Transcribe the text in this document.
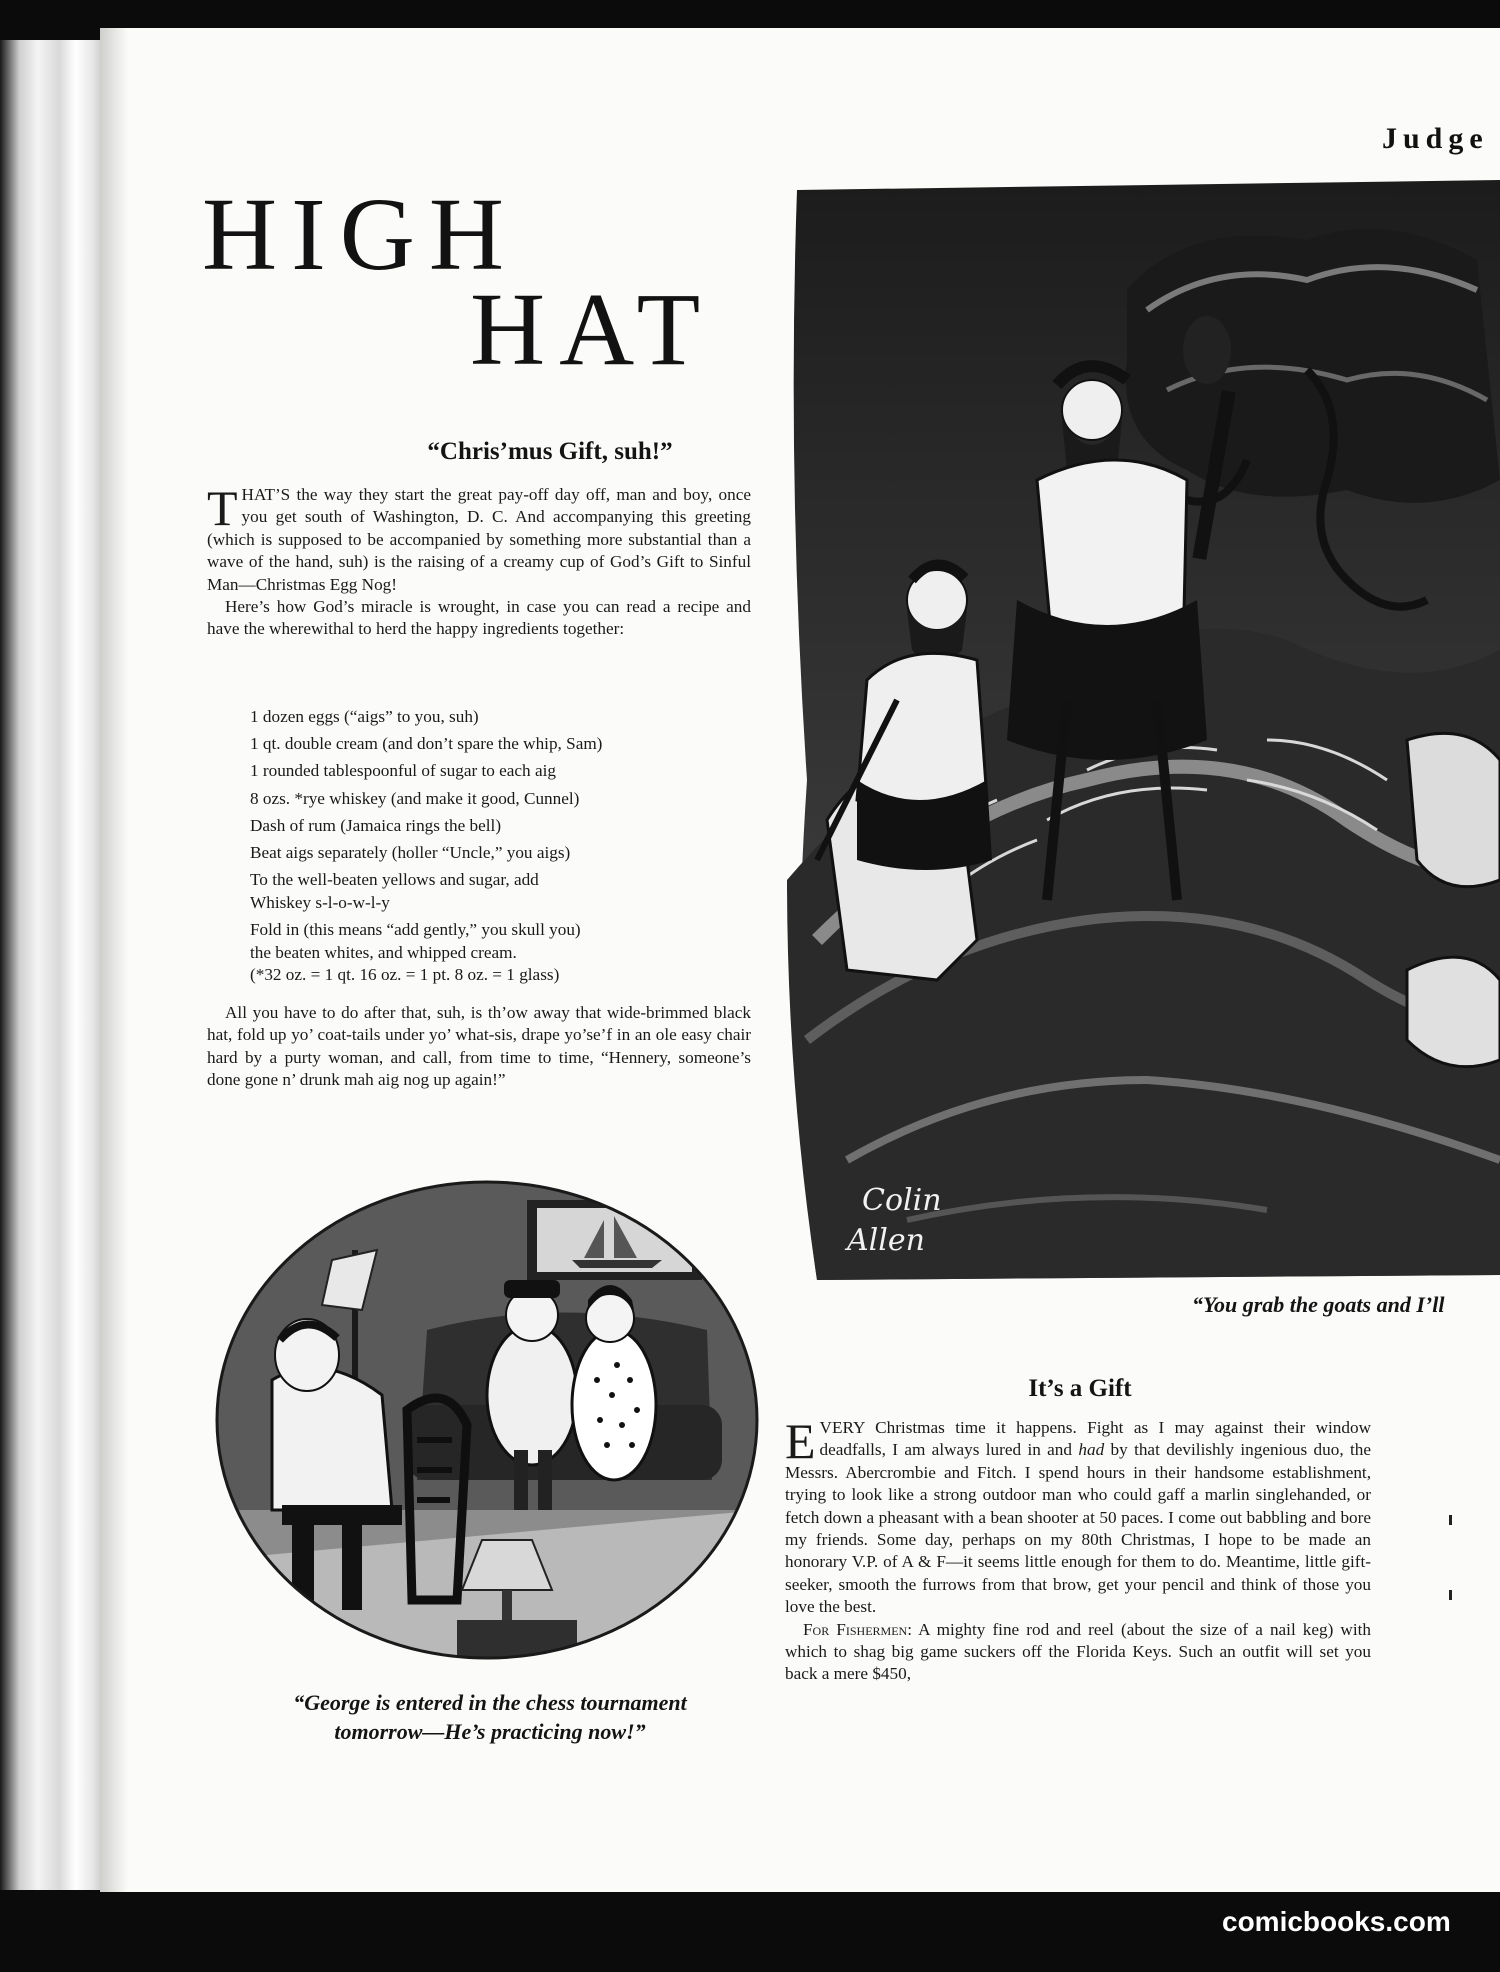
Judge
HIGH
HAT
“Chris’mus Gift, suh!”

THAT’S the way they start the great pay-off day off, man and boy, once you get south of Washington, D. C. And accompanying this greeting (which is supposed to be accompanied by something more substantial than a wave of the hand, suh) is the raising of a creamy cup of God’s Gift to Sinful Man—Christmas Egg Nog!

Here’s how God’s miracle is wrought, in case you can read a recipe and have the wherewithal to herd the happy ingredients together:

1 dozen eggs (“aigs” to you, suh)
1 qt. double cream (and don’t spare the whip, Sam)
1 rounded tablespoonful of sugar to each aig
8 ozs. *rye whiskey (and make it good, Cunnel)
Dash of rum (Jamaica rings the bell)
Beat aigs separately (holler “Uncle,” you aigs)
To the well-beaten yellows and sugar, add
Whiskey s-l-o-w-l-y
Fold in (this means “add gently,” you skull you)
the beaten whites, and whipped cream.
(*32 oz. = 1 qt. 16 oz. = 1 pt. 8 oz. = 1 glass)
All you have to do after that, suh, is th’ow away that wide-brimmed black hat, fold up yo’ coat-tails under yo’ what-sis, drape yo’se’f in an ole easy chair hard by a purty woman, and call, from time to time, “Hennery, someone’s done gone n’ drunk mah aig nog up again!”
“George is entered in the chess tournament
tomorrow—He’s practicing now!”
Colin
Allen
“You grab the goats and I’ll
It’s a Gift

EVERY Christmas time it happens. Fight as I may against their window deadfalls, I am always lured in and had by that devilishly ingenious duo, the Messrs. Abercrombie and Fitch. I spend hours in their handsome establishment, trying to look like a strong outdoor man who could gaff a marlin singlehanded, or fetch down a pheasant with a bean shooter at 50 paces. I come out babbling and bore my friends. Some day, perhaps on my 80th Christmas, I hope to be made an honorary V.P. of A & F—it seems little enough for them to do. Meantime, little gift-seeker, smooth the furrows from that brow, get your pencil and think of those you love the best.

For Fishermen: A mighty fine rod and reel (about the size of a nail keg) with which to shag big game suckers off the Florida Keys. Such an outfit will set you back a mere $450,

comicbooks.com
